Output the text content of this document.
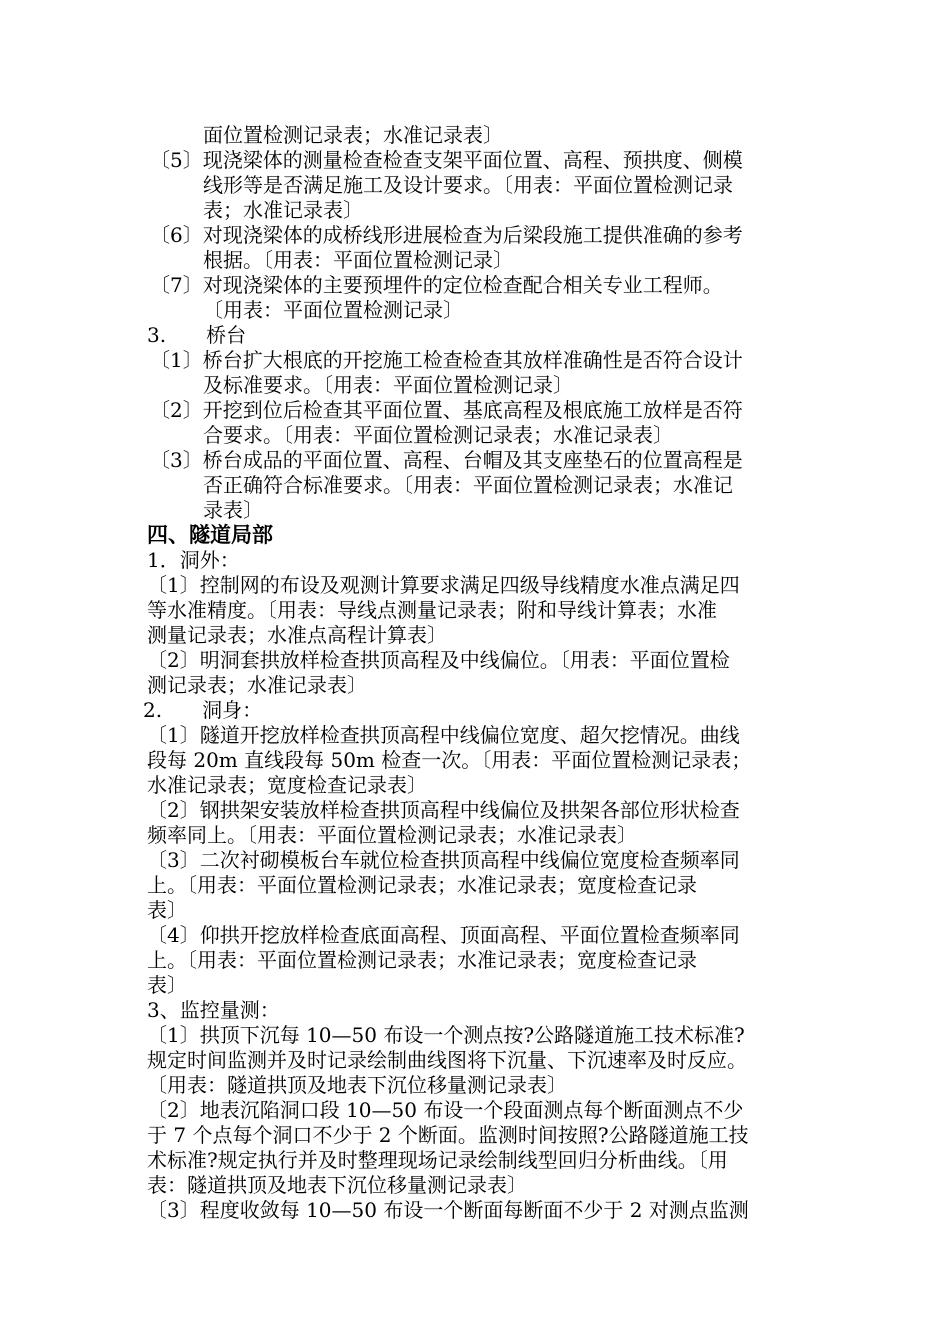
面位置检测记录表；水准记录表〕
〔5〕现浇梁体的测量检查检查支架平面位置、高程、预拱度、侧模
线形等是否满足施工及设计要求。〔用表：平面位置检测记录
表；水准记录表〕
〔6〕对现浇梁体的成桥线形进展检查为后梁段施工提供准确的参考
根据。〔用表：平面位置检测记录〕
〔7〕对现浇梁体的主要预埋件的定位检查配合相关专业工程师。
〔用表：平面位置检测记录〕
3.　　桥台
〔1〕桥台扩大根底的开挖施工检查检查其放样准确性是否符合设计
及标准要求。〔用表：平面位置检测记录〕
〔2〕开挖到位后检查其平面位置、基底高程及根底施工放样是否符
合要求。〔用表：平面位置检测记录表；水准记录表〕
〔3〕桥台成品的平面位置、高程、台帽及其支座垫石的位置高程是
否正确符合标准要求。〔用表：平面位置检测记录表；水准记
录表〕
四、隧道局部
1．洞外：
〔1〕控制网的布设及观测计算要求满足四级导线精度水准点满足四
等水准精度。〔用表：导线点测量记录表；附和导线计算表；水准
测量记录表；水准点高程计算表〕
〔2〕明洞套拱放样检查拱顶高程及中线偏位。〔用表：平面位置检
测记录表；水准记录表〕
2.　　洞身：
〔1〕隧道开挖放样检查拱顶高程中线偏位宽度、超欠挖情况。曲线
段每 20m 直线段每 50m 检查一次。〔用表：平面位置检测记录表；
水准记录表；宽度检查记录表〕
〔2〕钢拱架安装放样检查拱顶高程中线偏位及拱架各部位形状检查
频率同上。〔用表：平面位置检测记录表；水准记录表〕
〔3〕二次衬砌模板台车就位检查拱顶高程中线偏位宽度检查频率同
上。〔用表：平面位置检测记录表；水准记录表；宽度检查记录
表〕
〔4〕仰拱开挖放样检查底面高程、顶面高程、平面位置检查频率同
上。〔用表：平面位置检测记录表；水准记录表；宽度检查记录
表〕
3、监控量测：
〔1〕拱顶下沉每 10—50 布设一个测点按?公路隧道施工技术标准?
规定时间监测并及时记录绘制曲线图将下沉量、下沉速率及时反应。
〔用表：隧道拱顶及地表下沉位移量测记录表〕
〔2〕地表沉陷洞口段 10—50 布设一个段面测点每个断面测点不少
于 7 个点每个洞口不少于 2 个断面。监测时间按照?公路隧道施工技
术标准?规定执行并及时整理现场记录绘制线型回归分析曲线。〔用
表：隧道拱顶及地表下沉位移量测记录表〕
〔3〕程度收敛每 10—50 布设一个断面每断面不少于 2 对测点监测
